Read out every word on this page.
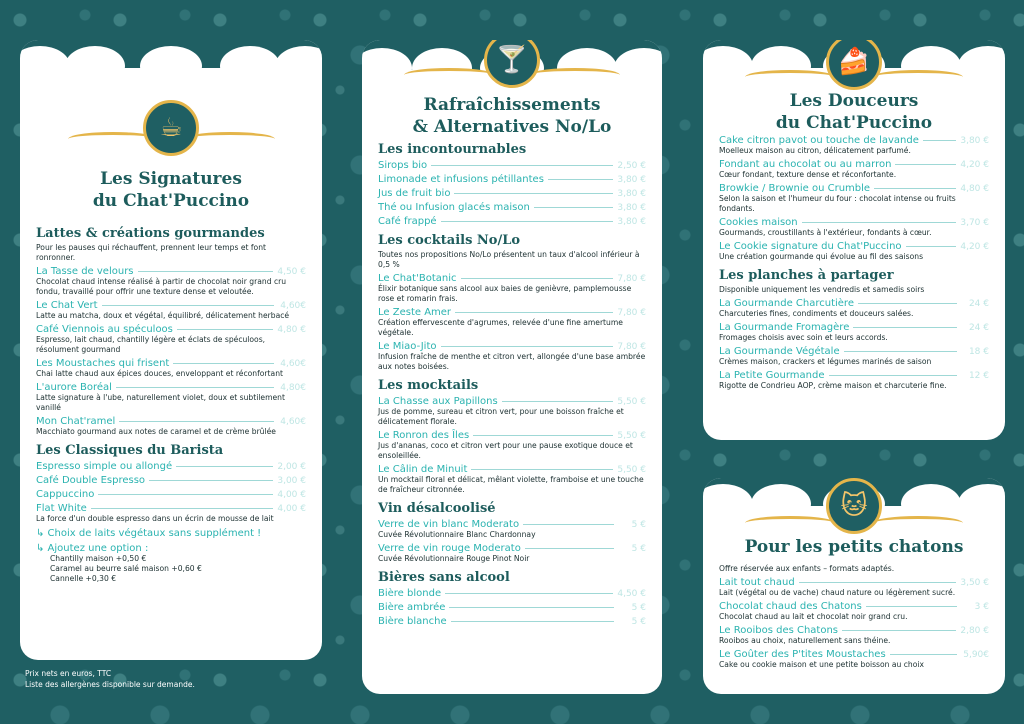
☕
Les Signatures
du Chat'Puccino
Lattes & créations gourmandes
Pour les pauses qui réchauffent, prennent leur temps et font ronronner.
La Tasse de velours	4,50 €
Chocolat chaud intense réalisé à partir de chocolat noir grand cru fondu, travaillé pour offrir une texture dense et veloutée.
Le Chat Vert	4,60€
Latte au matcha, doux et végétal, équilibré, délicatement herbacé
Café Viennois au spéculoos	4,80 €
Espresso, lait chaud, chantilly légère et éclats de spéculoos, résolument gourmand
Les Moustaches qui frisent	4,60€
Chai latte chaud aux épices douces, enveloppant et réconfortant
L'aurore Boréal	4,80€
Latte signature à l'ube, naturellement violet, doux et subtilement vanillé
Mon Chat'ramel	4,60€
Macchiato gourmand aux notes de caramel et de crème brûlée
Les Classiques du Barista
Espresso simple ou allongé	2,00 €
Café Double Espresso	3,00 €
Cappuccino	4,00 €
Flat White	4,00 €
La force d'un double espresso dans un écrin de mousse de lait
↳ Choix de laits végétaux sans supplément !
↳ Ajoutez une option :
Chantilly maison +0,50 €
Caramel au beurre salé maison +0,60 €
Cannelle +0,30 €
Prix nets en euros, TTC
Liste des allergènes disponible sur demande.
🍸
Rafraîchissements
& Alternatives No/Lo
Les incontournables
Sirops bio	2,50 €
Limonade et infusions pétillantes	3,80 €
Jus de fruit bio	3,80 €
Thé ou Infusion glacés maison	3,80 €
Café frappé	3,80 €
Les cocktails No/Lo
Toutes nos propositions No/Lo présentent un taux d'alcool inférieur à 0,5 %
Le Chat'Botanic	7,80 €
Élixir botanique sans alcool aux baies de genièvre, pamplemousse rose et romarin frais.
Le Zeste Amer	7,80 €
Création effervescente d'agrumes, relevée d'une fine amertume végétale.
Le Miao-Jito	7,80 €
Infusion fraîche de menthe et citron vert, allongée d'une base ambrée aux notes boisées.
Les mocktails
La Chasse aux Papillons	5,50 €
Jus de pomme, sureau et citron vert, pour une boisson fraîche et délicatement florale.
Le Ronron des Îles	5,50 €
Jus d'ananas, coco et citron vert pour une pause exotique douce et ensoleillée.
Le Câlin de Minuit	5,50 €
Un mocktail floral et délicat, mêlant violette, framboise et une touche de fraîcheur citronnée.
Vin désalcoolisé
Verre de vin blanc Moderato	5 €
Cuvée Révolutionnaire Blanc Chardonnay
Verre de vin rouge Moderato	5 €
Cuvée Révolutionnaire Rouge Pinot Noir
Bières sans alcool
Bière blonde	4,50 €
Bière ambrée	5 €
Bière blanche	5 €
🍰
Les Douceurs
du Chat'Puccino
Cake citron pavot ou touche de lavande	3,80 €
Moelleux maison au citron, délicatement parfumé.
Fondant au chocolat ou au marron	4,20 €
Cœur fondant, texture dense et réconfortante.
Browkie / Brownie ou Crumble	4,80 €
Selon la saison et l'humeur du four : chocolat intense ou fruits fondants.
Cookies maison	3,70 €
Gourmands, croustillants à l'extérieur, fondants à cœur.
Le Cookie signature du Chat'Puccino	4,20 €
Une création gourmande qui évolue au fil des saisons
Les planches à partager
Disponible uniquement les vendredis et samedis soirs
La Gourmande Charcutière	24 €
Charcuteries fines, condiments et douceurs salées.
La Gourmande Fromagère	24 €
Fromages choisis avec soin et leurs accords.
La Gourmande Végétale	18 €
Crèmes maison, crackers et légumes marinés de saison
La Petite Gourmande	12 €
Rigotte de Condrieu AOP, crème maison et charcuterie fine.
🐱
Pour les petits chatons
Offre réservée aux enfants – formats adaptés.
Lait tout chaud	3,50 €
Lait (végétal ou de vache) chaud nature ou légèrement sucré.
Chocolat chaud des Chatons	3 €
Chocolat chaud au lait et chocolat noir grand cru.
Le Rooibos des Chatons	2,80 €
Rooibos au choix, naturellement sans théine.
Le Goûter des P'tites Moustaches	5,90€
Cake ou cookie maison et une petite boisson au choix
